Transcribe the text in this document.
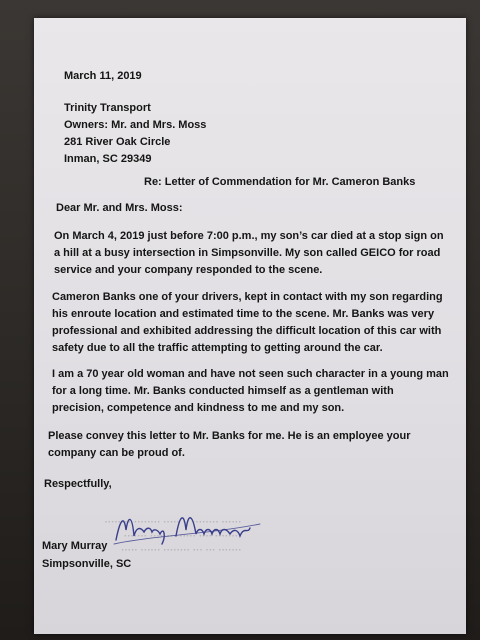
March 11, 2019

Trinity Transport

Owners: Mr. and Mrs. Moss

281 River Oak Circle

Inman, SC 29349

Re: Letter of Commendation for Mr. Cameron Banks

Dear Mr. and Mrs. Moss:

On March 4, 2019 just before 7:00 p.m., my son’s car died at a stop sign on

a hill at a busy intersection in Simpsonville. My son called GEICO for road

service and your company responded to the scene.

Cameron Banks one of your drivers, kept in contact with my son regarding

his enroute location and estimated time to the scene. Mr. Banks was very

professional and exhibited addressing the difficult location of this car with

safety due to all the traffic attempting to getting around the car.

I am a 70 year old woman and have not seen such character in a young man

for a long time. Mr. Banks conducted himself as a gentleman with

precision, competence and kindness to me and my son.

Please convey this letter to Mr. Banks for me. He is an employee your

company can be proud of.

Respectfully,

······ ········ ·· ····· ········ ········
········ ···· ····· ········ ·······
······· ··· ··· ········ ······ ·····

Mary Murray

Simpsonville, SC
